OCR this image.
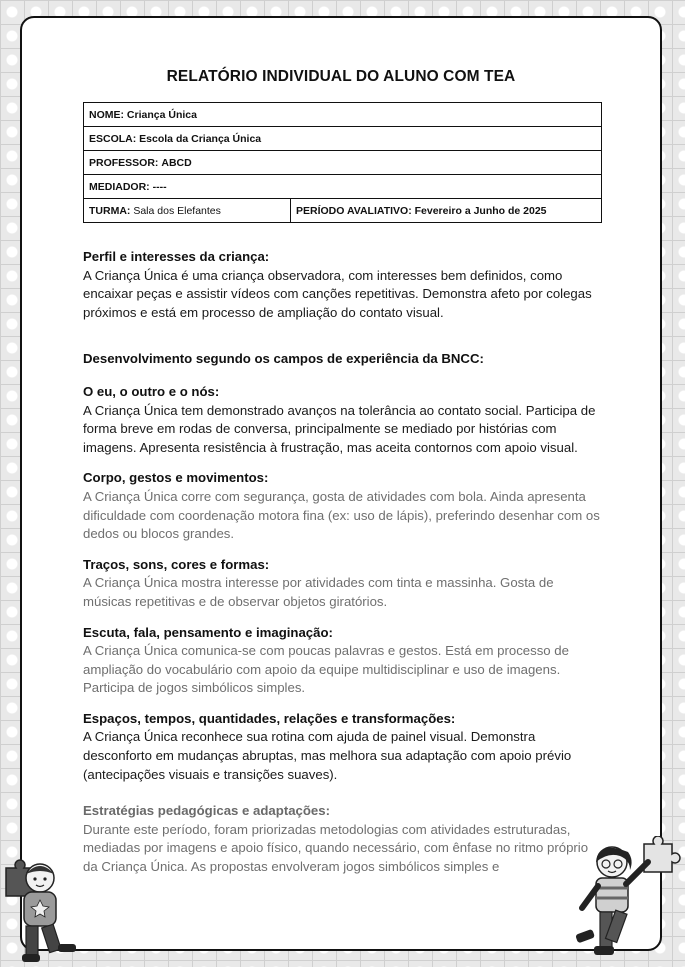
RELATÓRIO INDIVIDUAL DO ALUNO COM TEA
NOME: Criança Única
ESCOLA: Escola da Criança Única
PROFESSOR: ABCD
MEDIADOR: ----
TURMA: Sala dos Elefantes	PERÍODO AVALIATIVO: Fevereiro a Junho de 2025
Perfil e interesses da criança:

A Criança Única é uma criança observadora, com interesses bem definidos, como encaixar peças e assistir vídeos com canções repetitivas. Demonstra afeto por colegas próximos e está em processo de ampliação do contato visual.

Desenvolvimento segundo os campos de experiência da BNCC:
O eu, o outro e o nós:

A Criança Única tem demonstrado avanços na tolerância ao contato social. Participa de forma breve em rodas de conversa, principalmente se mediado por histórias com imagens. Apresenta resistência à frustração, mas aceita contornos com apoio visual.

Corpo, gestos e movimentos:

A Criança Única corre com segurança, gosta de atividades com bola. Ainda apresenta dificuldade com coordenação motora fina (ex: uso de lápis), preferindo desenhar com os dedos ou blocos grandes.

Traços, sons, cores e formas:

A Criança Única mostra interesse por atividades com tinta e massinha. Gosta de músicas repetitivas e de observar objetos giratórios.

Escuta, fala, pensamento e imaginação:

A Criança Única comunica-se com poucas palavras e gestos. Está em processo de ampliação do vocabulário com apoio da equipe multidisciplinar e uso de imagens. Participa de jogos simbólicos simples.

Espaços, tempos, quantidades, relações e transformações:

A Criança Única reconhece sua rotina com ajuda de painel visual. Demonstra desconforto em mudanças abruptas, mas melhora sua adaptação com apoio prévio (antecipações visuais e transições suaves).

Estratégias pedagógicas e adaptações:

Durante este período, foram priorizadas metodologias com atividades estruturadas, mediadas por imagens e apoio físico, quando necessário, com ênfase no ritmo próprio da Criança Única. As propostas envolveram jogos simbólicos simples e
